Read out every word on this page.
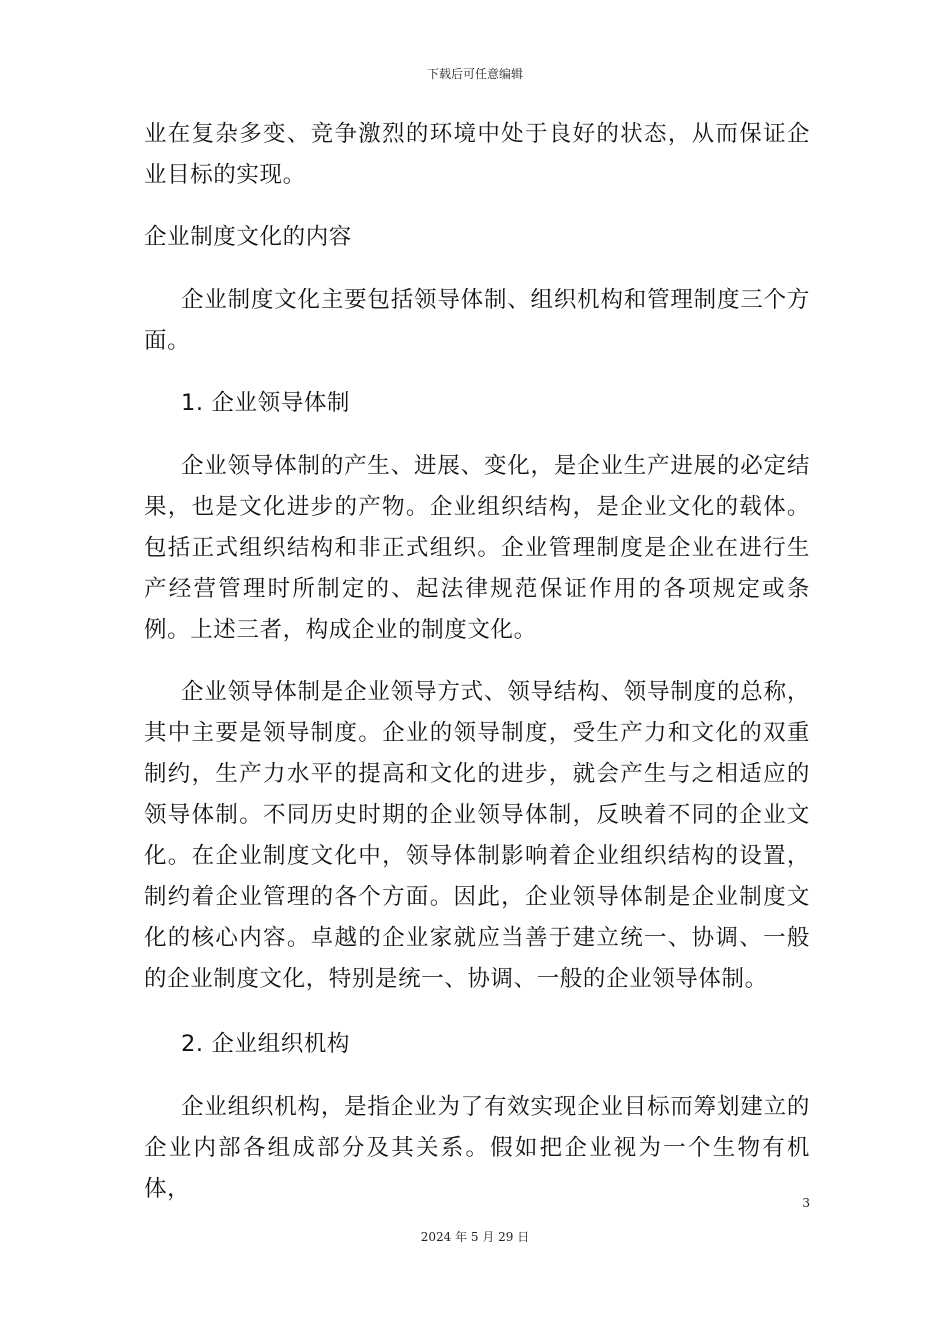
下载后可任意编辑

业在复杂多变、竞争激烈的环境中处于良好的状态，从而保证企业目标的实现。

企业制度文化的内容

企业制度文化主要包括领导体制、组织机构和管理制度三个方面。

1. 企业领导体制

企业领导体制的产生、进展、变化，是企业生产进展的必定结果，也是文化进步的产物。企业组织结构，是企业文化的载体。包括正式组织结构和非正式组织。企业管理制度是企业在进行生产经营管理时所制定的、起法律规范保证作用的各项规定或条例。上述三者，构成企业的制度文化。

企业领导体制是企业领导方式、领导结构、领导制度的总称，其中主要是领导制度。企业的领导制度，受生产力和文化的双重制约，生产力水平的提高和文化的进步，就会产生与之相适应的领导体制。不同历史时期的企业领导体制，反映着不同的企业文化。在企业制度文化中，领导体制影响着企业组织结构的设置，制约着企业管理的各个方面。因此，企业领导体制是企业制度文化的核心内容。卓越的企业家就应当善于建立统一、协调、一般的企业制度文化，特别是统一、协调、一般的企业领导体制。

2. 企业组织机构

企业组织机构，是指企业为了有效实现企业目标而筹划建立的企业内部各组成部分及其关系。假如把企业视为一个生物有机体，

3
2024 年 5 月 29 日
